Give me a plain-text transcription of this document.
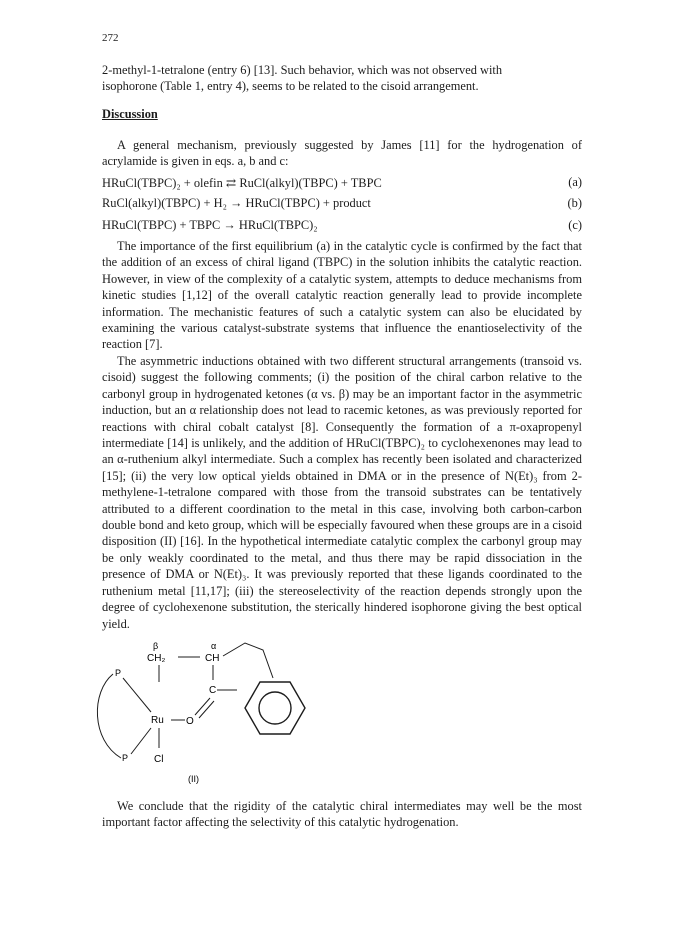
272

2-methyl-1-tetralone (entry 6) [13]. Such behavior, which was not observed with

isophorone (Table 1, entry 4), seems to be related to the cisoid arrangement.

Discussion

A general mechanism, previously suggested by James [11] for the hydrogenation of acrylamide is given in eqs. a, b and c:

HRuCl(TBPC)₂ + olefin ⇄ RuCl(alkyl)(TBPC) + TBPC	(a)
RuCl(alkyl)(TBPC) + H₂ → HRuCl(TBPC) + product	(b)
HRuCl(TBPC) + TBPC → HRuCl(TBPC)₂	(c)

The importance of the first equilibrium (a) in the catalytic cycle is confirmed by the fact that the addition of an excess of chiral ligand (TBPC) in the solution inhibits the catalytic reaction. However, in view of the complexity of a catalytic system, attempts to deduce mechanisms from kinetic studies [1,12] of the overall catalytic reaction generally lead to provide incomplete information. The mechanistic features of such a catalytic system can also be elucidated by examining the various catalyst-substrate systems that influence the enantioselectivity of the reaction [7].

The asymmetric inductions obtained with two different structural arrangements (transoid vs. cisoid) suggest the following comments; (i) the position of the chiral carbon relative to the carbonyl group in hydrogenated ketones (α vs. β) may be an important factor in the asymmetric induction, but an α relationship does not lead to racemic ketones, as was previously reported for reactions with chiral cobalt catalyst [8]. Consequently the formation of a π-oxapropenyl intermediate [14] is unlikely, and the addition of HRuCl(TBPC)₂ to cyclohexenones may lead to an α-ruthenium alkyl intermediate. Such a complex has recently been isolated and characterized [15]; (ii) the very low optical yields obtained in DMA or in the presence of N(Et)₃ from 2-methylene-1-tetralone compared with those from the transoid substrates can be tentatively attributed to a different coordination to the metal in this case, involving both carbon-carbon double bond and keto group, which will be especially favoured when these groups are in a cisoid disposition (II) [16]. In the hypothetical intermediate catalytic complex the carbonyl group may be only weakly coordinated to the metal, and thus there may be rapid dissociation in the presence of DMA or N(Et)₃. It was previously reported that these ligands coordinated to the ruthenium metal [11,17]; (iii) the stereoselectivity of the reaction depends strongly upon the degree of cyclohexenone substitution, the sterically hindered isophorone giving the best optical yield.

β
CH₂
α
CH
C
O
Ru
P
P	Cl
(II)

We conclude that the rigidity of the catalytic chiral intermediates may well be the most important factor affecting the selectivity of this catalytic hydrogenation.
